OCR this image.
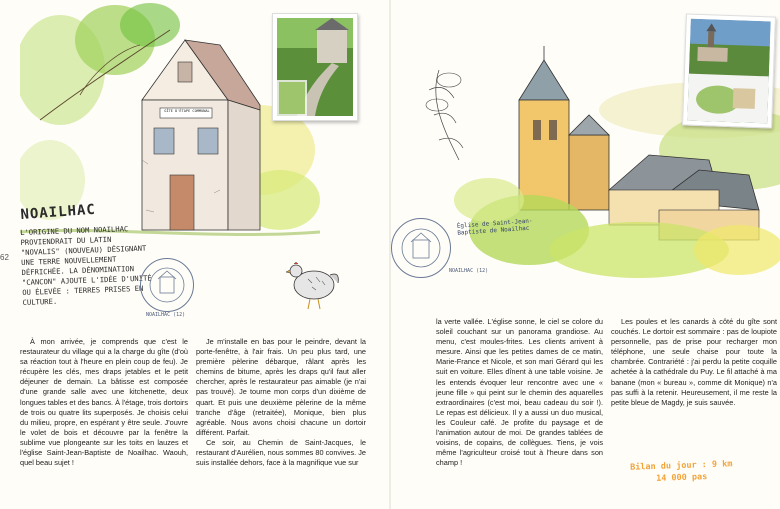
GÎTE D'ÉTAPE COMMUNAL
62
NOAILHAC
L'ORIGINE DU NOM NOAILHAC PROVIENDRAIT DU LATIN "NOVALIS" (NOUVEAU) DÉSIGNANT UNE TERRE NOUVELLEMENT DÉFRICHÉE. LA DÉNOMINATION "CANCON" AJOUTE L'IDÉE D'UNITÉ OU ÉLEVÉE : TERRES PRISES EN CULTURE.
NOAILHAC (12)

À mon arrivée, je comprends que c'est le restaurateur du village qui a la charge du gîte (d'où sa réaction tout à l'heure en plein coup de feu). Je récupère les clés, mes draps jetables et le petit déjeuner de demain. La bâtisse est composée d'une grande salle avec une kitchenette, deux longues tables et des bancs. À l'étage, trois dortoirs de trois ou quatre lits superposés. Je choisis celui du milieu, propre, en espérant y être seule. J'ouvre le volet de bois et découvre par la fenêtre la sublime vue plongeante sur les toits en lauzes et l'église Saint-Jean-Baptiste de Noailhac. Waouh, quel beau sujet !

Je m'installe en bas pour le peindre, devant la porte-fenêtre, à l'air frais. Un peu plus tard, une première pèlerine débarque, râlant après les chemins de bitume, après les draps qu'il faut aller chercher, après le restaurateur pas aimable (je n'ai pas trouvé). Je tourne mon corps d'un dixième de quart. Et puis une deuxième pèlerine de la même tranche d'âge (retraitée), Monique, bien plus agréable. Nous avons choisi chacune un dortoir différent. Parfait.

Ce soir, au Chemin de Saint-Jacques, le restaurant d'Aurélien, nous sommes 80 convives. Je suis installée dehors, face à la magnifique vue sur

Église de Saint-Jean-Baptiste de Noailhac
NOAILHAC (12)

la verte vallée. L'église sonne, le ciel se colore du soleil couchant sur un panorama grandiose. Au menu, c'est moules-frites. Les clients arrivent à mesure. Ainsi que les petites dames de ce matin, Marie-France et Nicole, et son mari Gérard qui les suit en voiture. Elles dînent à une table voisine. Je les entends évoquer leur rencontre avec une « jeune fille » qui peint sur le chemin des aquarelles extraordinaires (c'est moi, beau cadeau du soir !). Le repas est délicieux. Il y a aussi un duo musical, les Couleur café. Je profite du paysage et de l'animation autour de moi. De grandes tablées de voisins, de copains, de collègues. Tiens, je vois même l'agriculteur croisé tout à l'heure dans son champ !

Les poules et les canards à côté du gîte sont couchés. Le dortoir est sommaire : pas de loupiote personnelle, pas de prise pour recharger mon téléphone, une seule chaise pour toute la chambrée. Contrariété : j'ai perdu la petite coquille achetée à la cathédrale du Puy. Le fil attaché à ma banane (mon « bureau », comme dit Monique) n'a pas suffi à la retenir. Heureusement, il me reste la petite bleue de Magdy, je suis sauvée.

Bilan du jour : 9 km
14 000 pas
